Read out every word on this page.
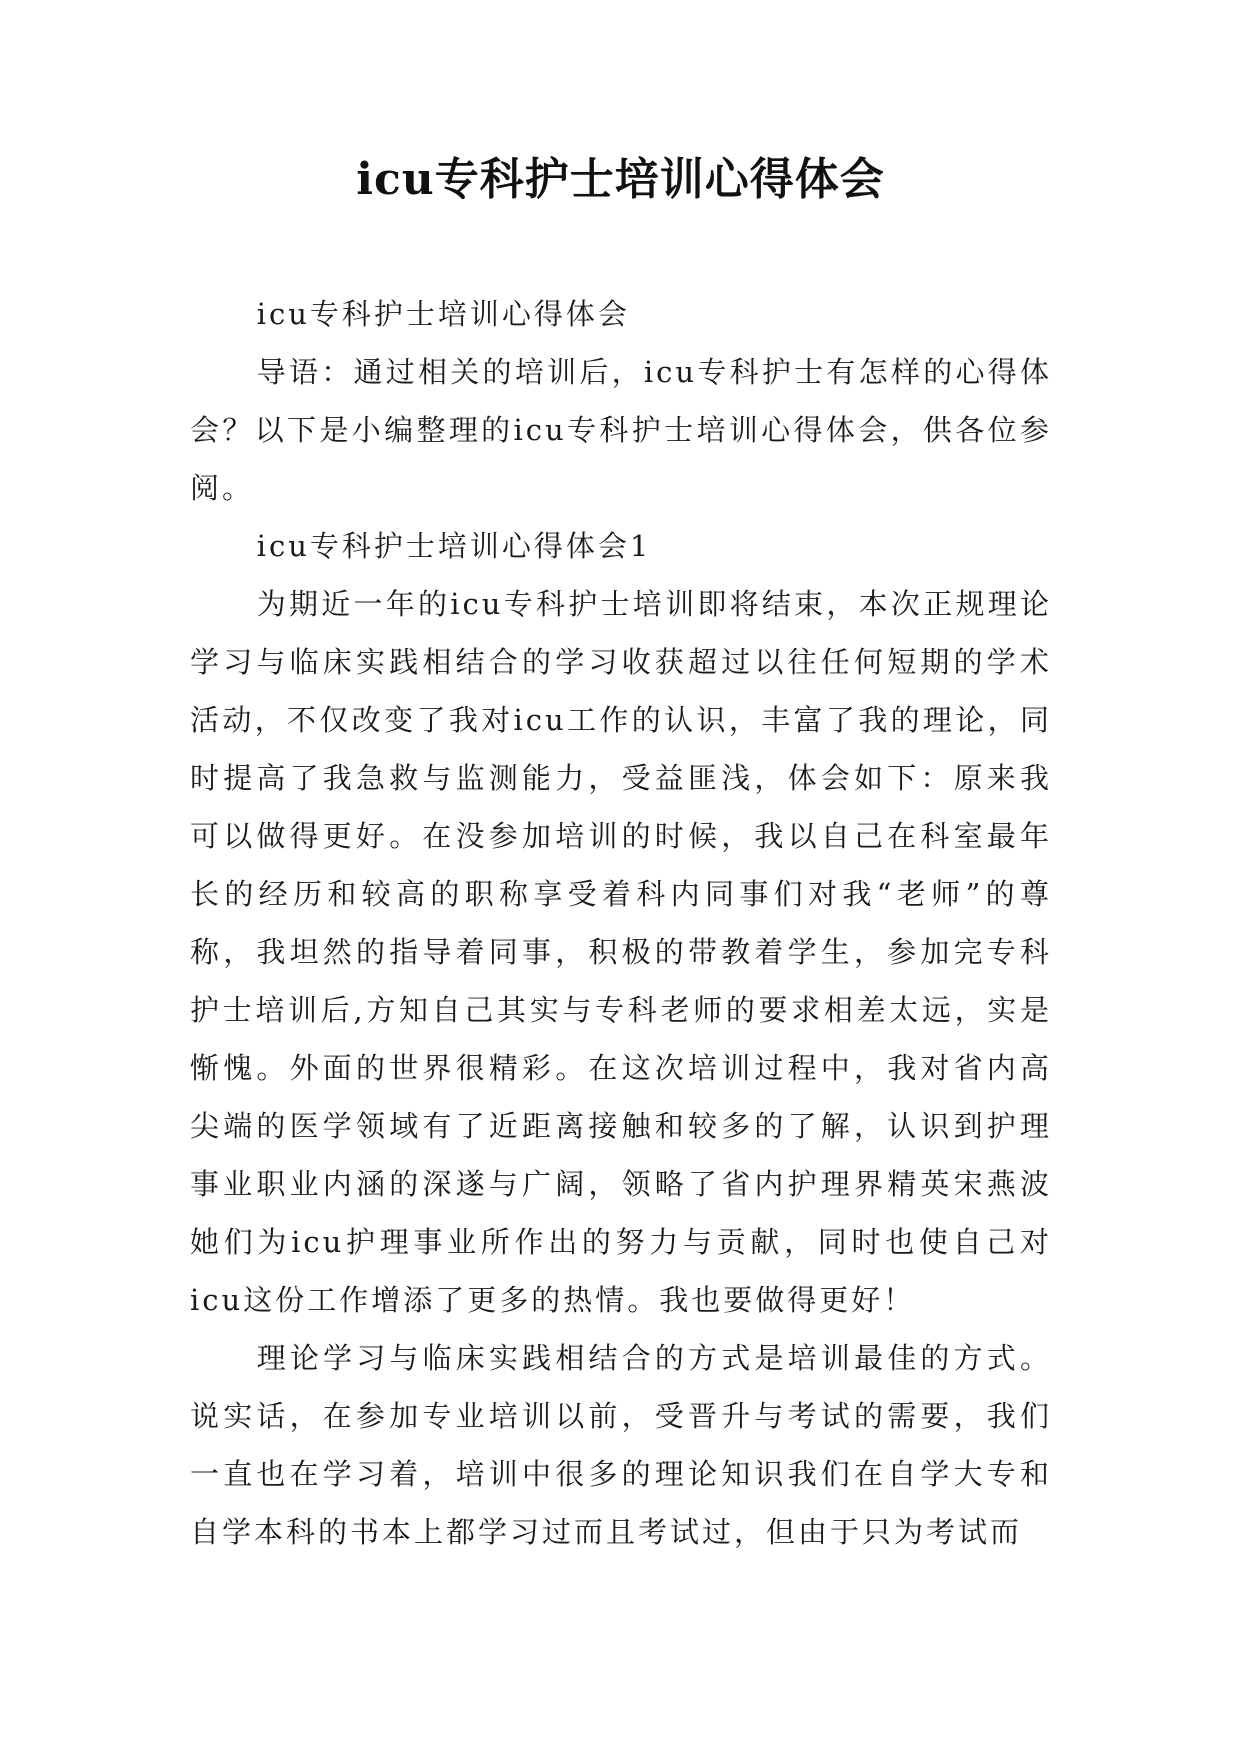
icu专科护士培训心得体会

icu专科护士培训心得体会

导语：通过相关的培训后，icu专科护士有怎样的心得体会？以下是小编整理的icu专科护士培训心得体会，供各位参阅。

icu专科护士培训心得体会1

为期近一年的icu专科护士培训即将结束，本次正规理论学习与临床实践相结合的学习收获超过以往任何短期的学术活动，不仅改变了我对icu工作的认识，丰富了我的理论，同时提高了我急救与监测能力，受益匪浅，体会如下：原来我可以做得更好。在没参加培训的时候，我以自己在科室最年长的经历和较高的职称享受着科内同事们对我“老师”的尊称，我坦然的指导着同事，积极的带教着学生，参加完专科护士培训后,方知自己其实与专科老师的要求相差太远，实是惭愧。外面的世界很精彩。在这次培训过程中，我对省内高尖端的医学领域有了近距离接触和较多的了解，认识到护理事业职业内涵的深遂与广阔，领略了省内护理界精英宋燕波她们为icu护理事业所作出的努力与贡献，同时也使自己对icu这份工作增添了更多的热情。我也要做得更好！

理论学习与临床实践相结合的方式是培训最佳的方式。说实话，在参加专业培训以前，受晋升与考试的需要，我们一直也在学习着，培训中很多的理论知识我们在自学大专和自学本科的书本上都学习过而且考试过，但由于只为考试而
